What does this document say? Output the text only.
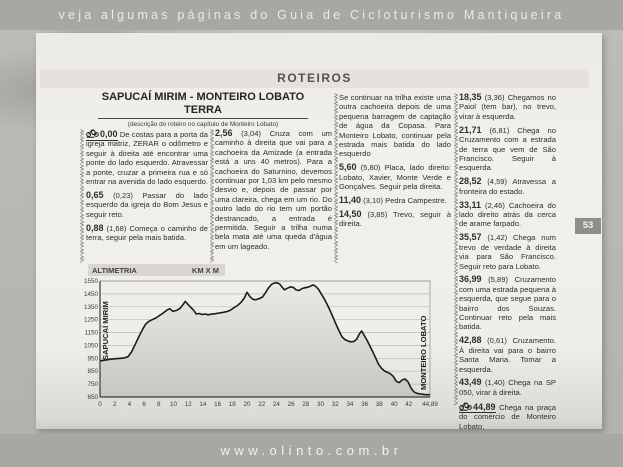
veja algumas páginas do Guia de Cicloturismo Mantiqueira
ROTEIROS
SAPUCAÍ MIRIM - MONTEIRO LOBATO
TERRA
(descrição do roteiro no capítulo de Monteiro Lobato)

0,00 De costas para a porta da igreja matriz, ZERAR o odômetro e seguir à direita até encontrar uma ponte do lado esquerdo. Atravessar a ponte, cruzar a primeira rua e só entrar na avenida do lado esquerdo.

0,65 (0,23) Passar do lado esquerdo da igreja do Bom Jesus e seguir reto.

0,88 (1,68) Começa o caminho de terra, seguir pela mais batida.

2,56 (3,04) Cruza com um caminho à direita que vai para a cachoeira da Amizade (a entrada está a uns 40 metros). Para a cachoeira do Saturnino, devemos continuar por 1,03 km pelo mesmo desvio e, depois de passar por uma clareira, chega em um rio. Do outro lado do rio tem um portão destrancado, a entrada é permitida. Seguir a trilha numa bela mata até uma queda d'água em um lageado.

Se continuar na trilha existe uma outra cachoeira depois de uma pequena barragem de captação de água da Copasa. Para Monteiro Lobato, continuar pela estrada mais batida do lado esquerdo

5,60 (5,80) Placa, lado direito: Lobato, Xavier, Monte Verde e Gonçalves. Seguir pela direita.

11,40 (3,10) Pedra Campestre.

14,50 (3,85) Trevo, seguir à direita.

18,35 (3,36) Chegamos no Paiol (tem bar), no trevo, virar à esquerda.

21,71 (6,81) Chega no Cruzamento com a estrada de terra que vem de São Francisco. Seguir à esquerda.

28,52 (4,59) Atravessa a fronteira do estado.

33,11 (2,46) Cachoeira do lado direito atrás da cerca de arame farpado.

35,57 (1,42) Chega num trevo de verdade à direita via para São Francisco. Seguir reto para Lobato.

36,99 (5,89) Cruzamento com uma estrada pequena à esquerda, que segue para o bairro dos Souzas. Continuar reto pela mais batida.

42,88 (0,61) Cruzamento. À direita vai para o bairro Santa Maria. Tomar a esquerda.

43,49 (1,40) Chega na SP 050, virar à direita.

44,89 Chega na praça do comércio de Monteiro Lobato.

ALTIMETRIA	KM X M
1550
1450
1350
1250
1150
1050
950
850
750
650
0 2 4 6 8 10 12 14 16 18 20 22 24 26 28 30 32 34 36 38 40 42 44,89
SAPUCAÍ MIRIM	MONTEIRO LOBATO
53
www.olinto.com.br
